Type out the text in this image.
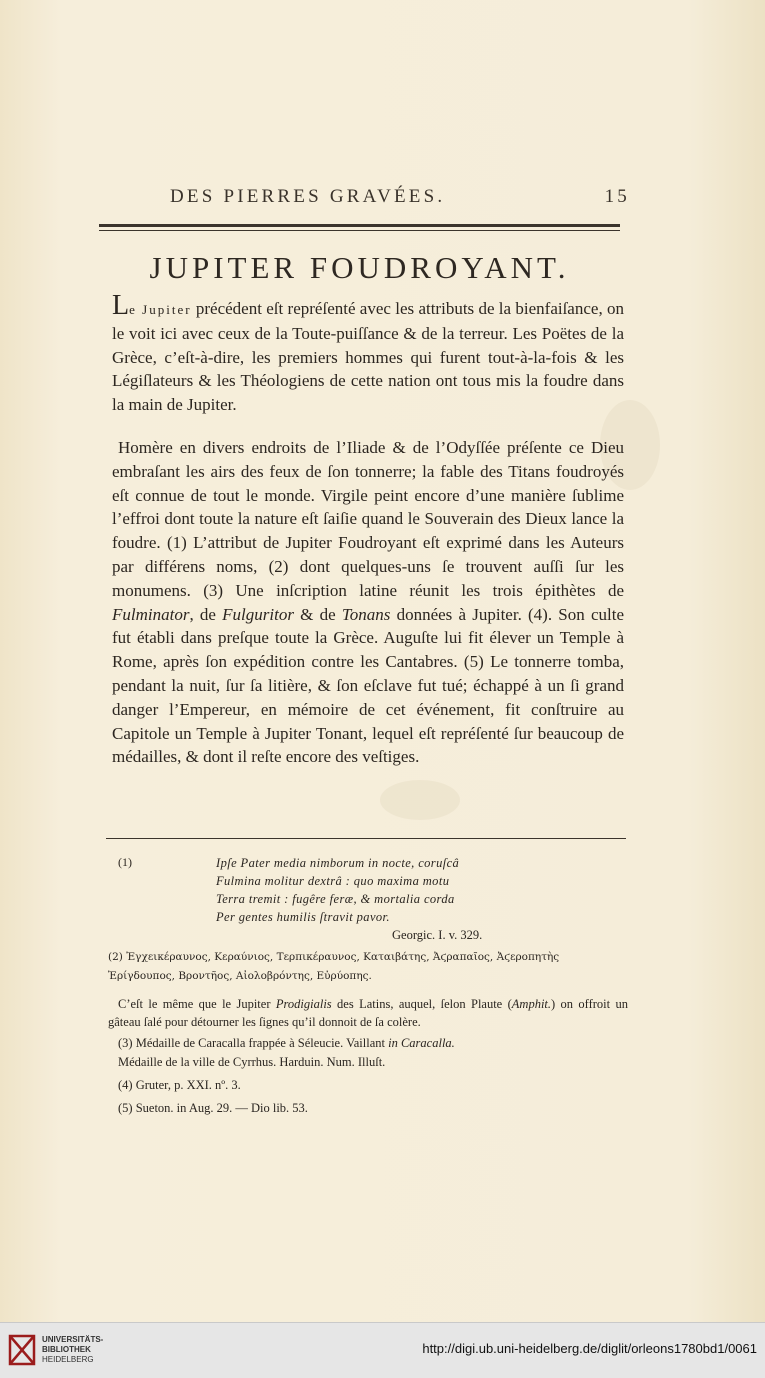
DES PIERRES GRAVÉES.	15
JUPITER FOUDROYANT.

Le Jupiter précédent eſt repréſenté avec les attributs de la bienfaiſance, on le voit ici avec ceux de la Toute-puiſſance & de la terreur. Les Poëtes de la Grèce, c’eſt-à-dire, les premiers hommes qui furent tout-à-la-fois & les Légiſlateurs & les Théologiens de cette nation ont tous mis la foudre dans la main de Jupiter.

Homère en divers endroits de l’Iliade & de l’Odyſſée préſente ce Dieu embraſant les airs des feux de ſon tonnerre; la fable des Titans foudroyés eſt connue de tout le monde. Virgile peint encore d’une manière ſublime l’effroi dont toute la nature eſt ſaiſie quand le Souverain des Dieux lance la foudre. (1) L’attribut de Jupiter Foudroyant eſt exprimé dans les Auteurs par différens noms, (2) dont quelques-uns ſe trouvent auſſi ſur les monumens. (3) Une inſcription latine réunit les trois épithètes de Fulminator, de Fulguritor & de Tonans données à Jupiter. (4). Son culte fut établi dans preſque toute la Grèce. Auguſte lui fit élever un Temple à Rome, après ſon expédition contre les Cantabres. (5) Le tonnerre tomba, pendant la nuit, ſur ſa litière, & ſon eſclave fut tué; échappé à un ſi grand danger l’Empereur, en mémoire de cet événement, fit conſtruire au Capitole un Temple à Jupiter Tonant, lequel eſt repréſenté ſur beaucoup de médailles, & dont il reſte encore des veſtiges.

(1)	Ipſe Pater media nimborum in nocte, coruſcâ
Fulmina molitur dextrâ : quo maxima motu
Terra tremit : fugêre feræ, & mortalia corda
Per gentes humilis ſtravit pavor.
Georgic. I. v. 329.

(2) Ἐγχεικέραυνος, Κεραύνιος, Τερπικέραυνος, Καταιβάτης, Ἀϛραπαῖος, Ἀϛεροπητὴς Ἐρίγδουπος, Βροντῆος, Αἰολοβρόντης, Εὐρύοπης.

C’eſt le même que le Jupiter Prodigialis des Latins, auquel, ſelon Plaute (Amphit.) on offroit un gâteau ſalé pour détourner les ſignes qu’il donnoit de ſa colère.

(3) Médaille de Caracalla frappée à Séleucie. Vaillant in Caracalla.
Médaille de la ville de Cyrrhus. Harduin. Num. Illuſt.
(4) Gruter, p. XXI. nº. 3.
(5) Sueton. in Aug. 29. — Dio lib. 53.
UNIVERSITÄTS-
BIBLIOTHEK
HEIDELBERG
http://digi.ub.uni-heidelberg.de/diglit/orleons1780bd1/0061
